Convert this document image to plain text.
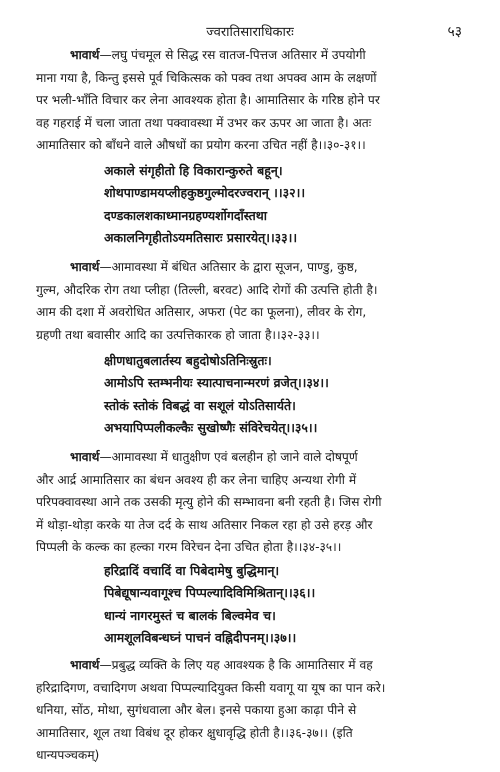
ज्वरातिसाराधिकारः	५३
भावार्थ—लघु पंचमूल से सिद्ध रस वातज-पित्तज अतिसार में उपयोगी
माना गया है, किन्तु इससे पूर्व चिकित्सक को पक्व तथा अपक्व आम के लक्षणों
पर भली-भाँति विचार कर लेना आवश्यक होता है। आमातिसार के गरिष्ठ होने पर
वह गहराई में चला जाता तथा पक्वावस्था में उभर कर ऊपर आ जाता है। अतः
आमातिसार को बाँधने वाले औषधों का प्रयोग करना उचित नहीं है।।३०-३१।।
अकाले संगृहीतो हि विकारान्कुरुते बहून्।
शोथपाण्डामयप्लीहकुष्ठगुल्मोदरज्वरान् ।।३२।।
दण्डकालशकाध्मानग्रहण्यर्शोगदाँस्तथा
अकालनिगृहीतोऽयमतिसारः प्रसारयेत्।।३३।।
भावार्थ—आमावस्था में बंधित अतिसार के द्वारा सूजन, पाण्डु, कुष्ठ,
गुल्म, औदरिक रोग तथा प्लीहा (तिल्ली, बरवट) आदि रोगों की उत्पत्ति होती है।
आम की दशा में अवरोधित अतिसार, अफरा (पेट का फूलना), लीवर के रोग,
ग्रहणी तथा बवासीर आदि का उत्पत्तिकारक हो जाता है।।३२-३३।।
क्षीणधातुबलार्तस्य बहुदोषोऽतिनिःस्रुतः।
आमोऽपि स्तम्भनीयः स्यात्पाचनान्मरणं व्रजेत्।।३४।।
स्तोकं स्तोकं विबद्धं वा सशूलं योऽतिसार्यते।
अभयापिप्पलीकल्कैः सुखोष्णैः संविरेचयेत्।।३५।।
भावार्थ—आमावस्था में धातुक्षीण एवं बलहीन हो जाने वाले दोषपूर्ण
और आर्द्र आमातिसार का बंधन अवश्य ही कर लेना चाहिए अन्यथा रोगी में
परिपक्वावस्था आने तक उसकी मृत्यु होने की सम्भावना बनी रहती है। जिस रोगी
में थोड़ा-थोड़ा करके या तेज दर्द के साथ अतिसार निकल रहा हो उसे हरड़ और
पिप्पली के कल्क का हल्का गरम विरेचन देना उचित होता है।।३४-३५।।
हरिद्रादिं वचादिं वा पिबेदामेषु बुद्धिमान्।
पिबेद्यूषान्यवागूश्च पिप्पल्यादिविमिश्रितान्।।३६।।
धान्यं नागरमुस्तं च बालकं बिल्वमेव च।
आमशूलविबन्धघ्नं पाचनं वह्निदीपनम्।।३७।।
भावार्थ—प्रबुद्ध व्यक्ति के लिए यह आवश्यक है कि आमातिसार में वह
हरिद्रादिगण, वचादिगण अथवा पिप्पल्यादियुक्त किसी यवागू या यूष का पान करे।
धनिया, सोंठ, मोथा, सुगंधवाला और बेल। इनसे पकाया हुआ काढ़ा पीने से
आमातिसार, शूल तथा विबंध दूर होकर क्षुधावृद्धि होती है।।३६-३७।। (इति
धान्यपञ्चकम्)
